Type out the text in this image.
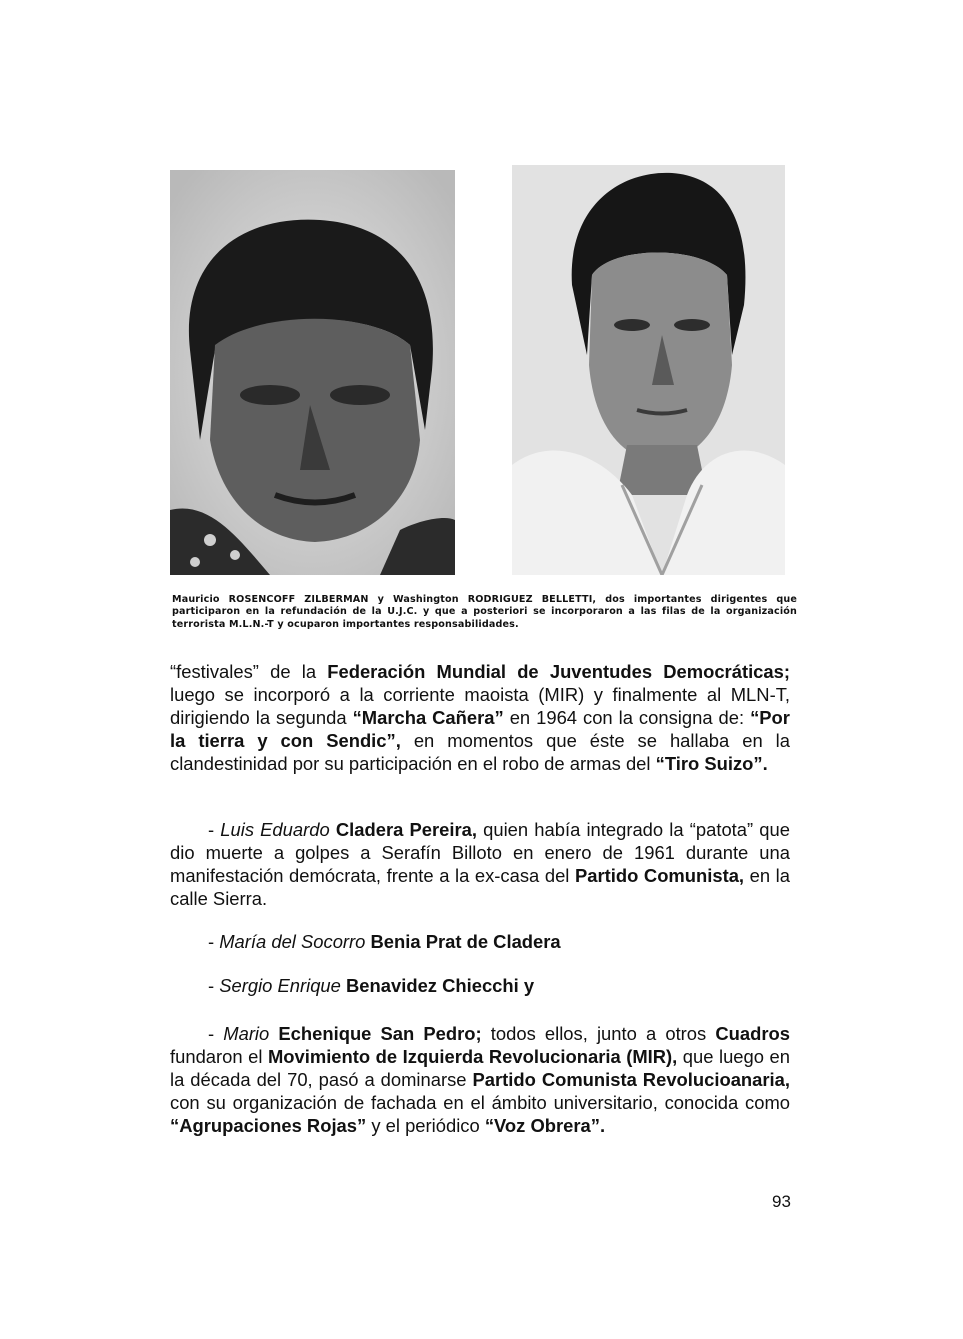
Mauricio ROSENCOFF ZILBERMAN y Washington RODRIGUEZ BELLETTI, dos importantes dirigentes que participaron en la refundación de la U.J.C. y que a posteriori se incorporaron a las filas de la organización terrorista M.L.N.-T y ocuparon importantes responsabilidades.
“festivales” de la Federación Mundial de Juventudes Democráticas; luego se incorporó a la corriente maoista (MIR) y finalmente al MLN-T, dirigiendo la segunda “Marcha Cañera” en 1964 con la consigna de: “Por la tierra y con Sendic”, en momentos que éste se hallaba en la clandestinidad por su participación en el robo de armas del “Tiro Suizo”.
- Luis Eduardo Cladera Pereira, quien había integrado la “patota” que dio muerte a golpes a Serafín Billoto en enero de 1961 durante una manifestación demócrata, frente a la ex-casa del Partido Comunista, en la calle Sierra.
- María del Socorro Benia Prat de Cladera
- Sergio Enrique Benavidez Chiecchi y
- Mario Echenique San Pedro; todos ellos, junto a otros Cuadros fundaron el Movimiento de Izquierda Revolucionaria (MIR), que luego en la década del 70, pasó a dominarse Partido Comunista Revolucioanaria, con su organización de fachada en el ámbito universitario, conocida como “Agrupaciones Rojas” y el periódico “Voz Obrera”.
93
